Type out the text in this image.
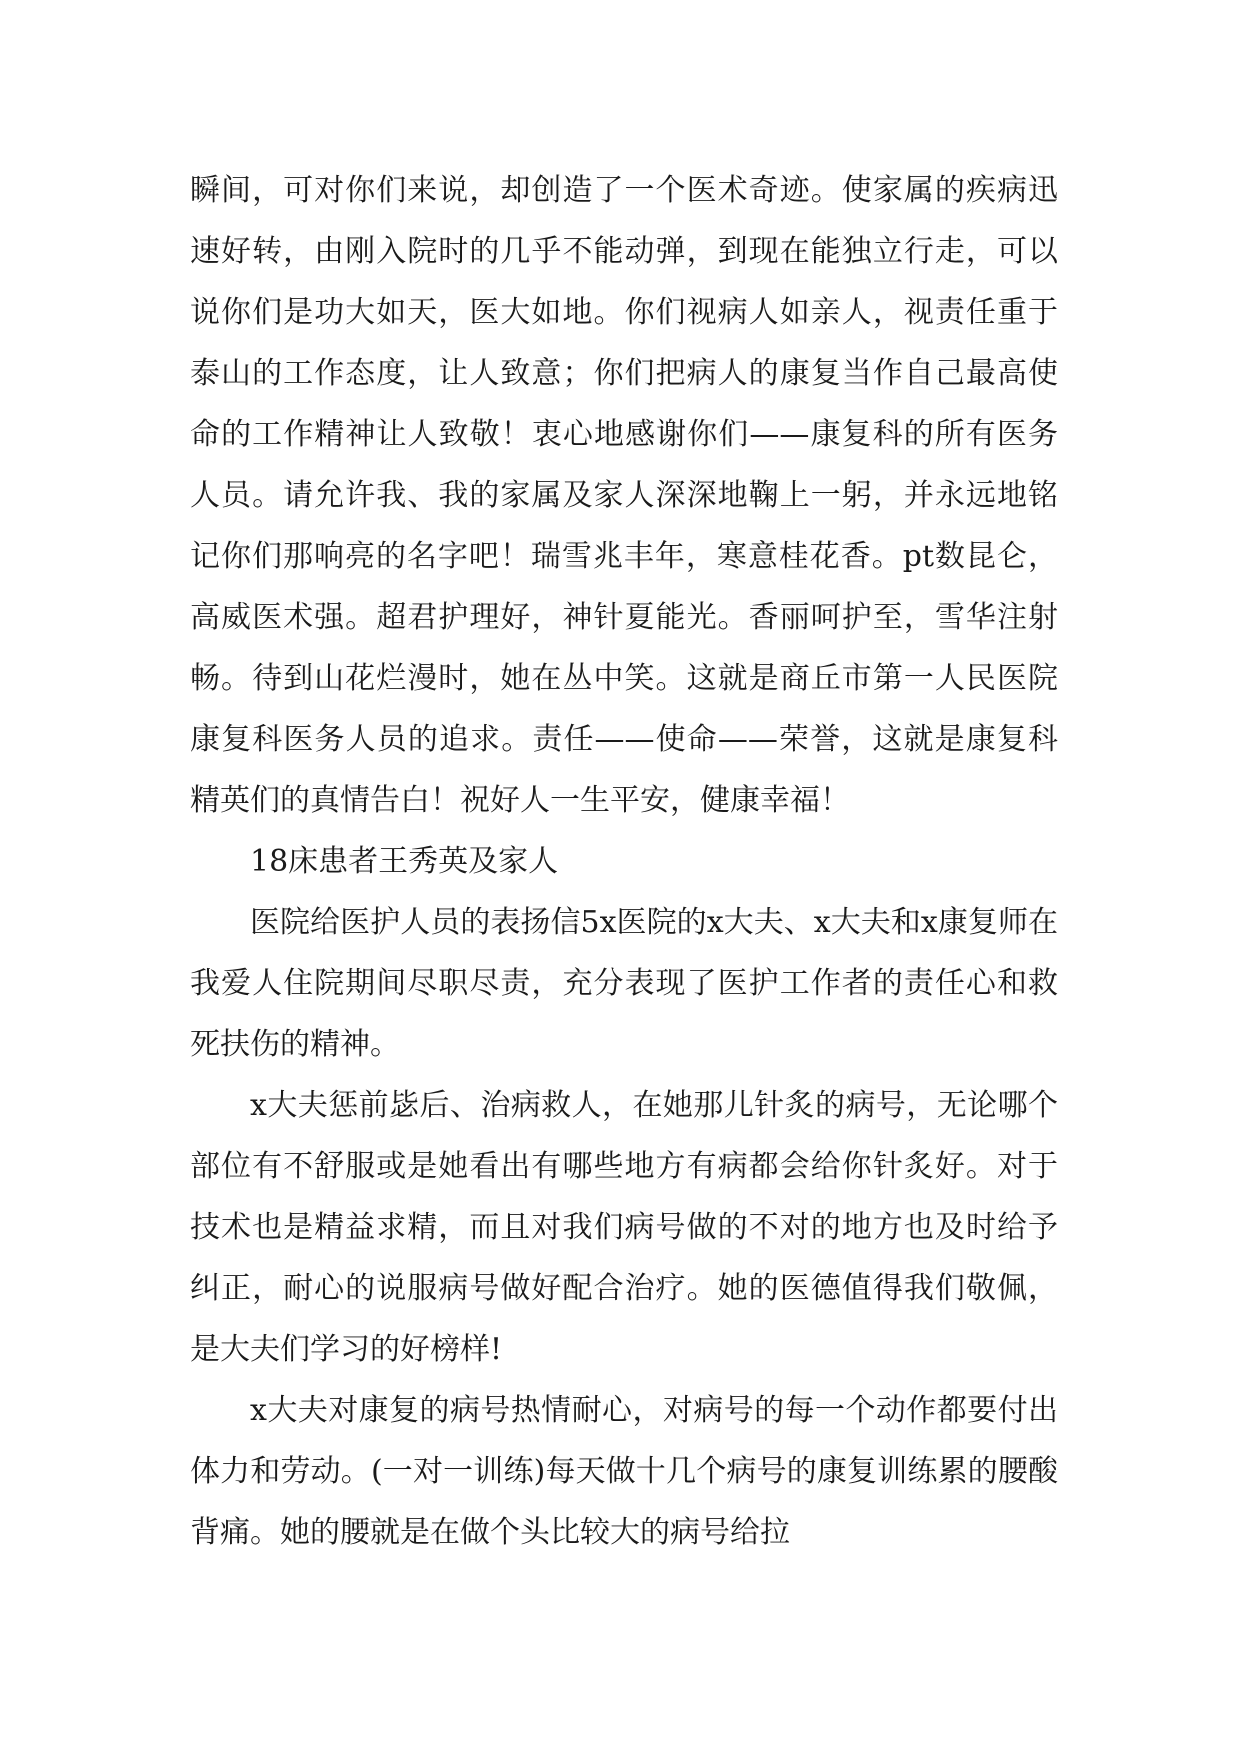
瞬间，可对你们来说，却创造了一个医术奇迹。使家属的疾病迅速好转，由刚入院时的几乎不能动弹，到现在能独立行走，可以说你们是功大如天，医大如地。你们视病人如亲人，视责任重于泰山的工作态度，让人致意；你们把病人的康复当作自己最高使命的工作精神让人致敬！衷心地感谢你们——康复科的所有医务人员。请允许我、我的家属及家人深深地鞠上一躬，并永远地铭记你们那响亮的名字吧！瑞雪兆丰年，寒意桂花香。pt数昆仑，高威医术强。超君护理好，神针夏能光。香丽呵护至，雪华注射畅。待到山花烂漫时，她在丛中笑。这就是商丘市第一人民医院康复科医务人员的追求。责任——使命——荣誉，这就是康复科精英们的真情告白！祝好人一生平安，健康幸福！

18床患者王秀英及家人

医院给医护人员的表扬信5x医院的x大夫、x大夫和x康复师在我爱人住院期间尽职尽责，充分表现了医护工作者的责任心和救死扶伤的精神。

x大夫惩前毖后、治病救人，在她那儿针炙的病号，无论哪个部位有不舒服或是她看出有哪些地方有病都会给你针炙好。对于技术也是精益求精，而且对我们病号做的不对的地方也及时给予纠正，耐心的说服病号做好配合治疗。她的医德值得我们敬佩，是大夫们学习的好榜样!

x大夫对康复的病号热情耐心，对病号的每一个动作都要付出体力和劳动。(一对一训练)每天做十几个病号的康复训练累的腰酸背痛。她的腰就是在做个头比较大的病号给拉
